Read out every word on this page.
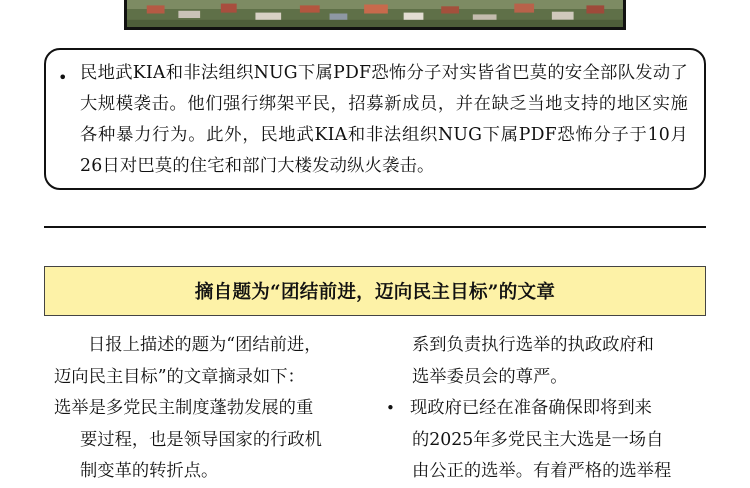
• 民地武KIA和非法组织NUG下属PDF恐怖分子对实皆省巴莫的安全部队发动了大规模袭击。他们强行绑架平民，招募新成员，并在缺乏当地支持的地区实施各种暴力行为。此外，民地武KIA和非法组织NUG下属PDF恐怖分子于10月26日对巴莫的住宅和部门大楼发动纵火袭击。

摘自题为“团结前进，迈向民主目标”的文章
日报上描述的题为“团结前进，
迈向民主目标”的文章摘录如下：
选举是多党民主制度蓬勃发展的重
要过程，也是领导国家的行政机
制变革的转折点。
系到负责执行选举的执政政府和
选举委员会的尊严。
• 现政府已经在准备确保即将到来
的2025年多党民主大选是一场自
由公正的选举。有着严格的选举程
